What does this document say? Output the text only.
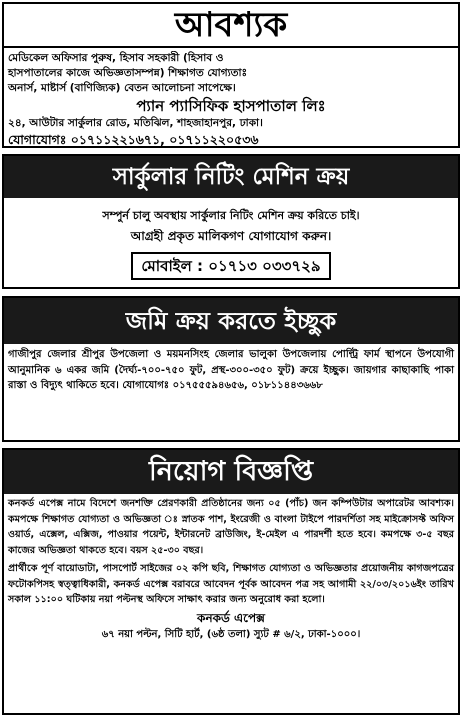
আবশ্যক
মেডিকেল অফিসার পুরুষ, হিসাব সহকারী (হিসাব ও
হাসপাতালের কাজে অভিজ্ঞতাসম্পন্ন) শিক্ষাগত যোগ্যতাঃ
অনার্স, মাষ্টার্স (বাণিজ্যিক) বেতন আলোচনা সাপেক্ষে।
প্যান প্যাসিফিক হাসপাতাল লিঃ
২৪, আউটার সার্কুলার রোড, মতিঝিল, শাহজাহানপুর, ঢাকা।
যোগাযোগঃ ০১৭১১২২১৬৭১, ০১৭১১২২০৫৩৬
সার্কুলার নিটিং মেশিন ক্রয়
সম্পুর্ন চালু অবস্থায় সার্কুলার নিটিং মেশিন ক্রয় করিতে চাই।
আগ্রহী প্রকৃত মালিকগণ যোগাযোগ করুন।
মোবাইল : ০১৭১৩ ০৩৩৭২৯
জমি ক্রয় করতে ইচ্ছুক
গাজীপুর জেলার শ্রীপুর উপজেলা ও ময়মনসিংহ জেলার ভালুকা উপজেলায় পোল্ট্রি ফার্ম স্থাপনে উপযোগী আনুমানিক ৬ একর জমি (দৈর্ঘ্য-৭০০-৭৫০ ফুট, প্রস্থ-৩০০-৩৫০ ফুট) ক্রয়ে ইচ্ছুক। জায়গার কাছাকাছি পাকা রাস্তা ও বিদ্যুৎ থাকিতে হবে। যোগাযোগঃ ০১৭৫৫৫৯৪৬৫৬, ০১৮১১৪৪৩৬৬৮
নিয়োগ বিজ্ঞপ্তি
কনকর্ড এপেক্স নামে বিদেশে জনশক্তি প্রেরণকারী প্রতিষ্ঠানের জন্য ০৫ (পাঁচ) জন কম্পিউটার অপারেটর আবশ্যক। কমপক্ষে শিক্ষাগত যোগ্যতা ও অভিজ্ঞতা ঃ স্নাতক পাশ, ইংরেজী ও বাংলা টাইপে পারদর্শিতা সহ মাইক্রোসফ্ট অফিস ওয়ার্ড, এক্সেল, এক্সিজ, পাওয়ার পয়েন্ট, ইন্টারনেট ব্রাউজিং, ই-মেইল এ পারদর্শী হতে হবে। কমপক্ষে ৩-৫ বছর কাজের অভিজ্ঞতা থাকতে হবে। বয়স ২৫-৩০ বছর।
প্রার্থীকে পূর্ণ বায়োডাটা, পাসপোর্ট সাইজের ০২ কপি ছবি, শিক্ষাগত যোগ্যতা ও অভিজ্ঞতার প্রয়োজনীয় কাগজপত্রের ফটোকপিসহ স্বত্ত্বাধিকারী, কনকর্ড এপেক্স বরাবরে আবেদন পূর্বক আবেদন পত্র সহ আগামী ২২/০৩/২০১৬ইং তারিখ সকাল ১১:০০ ঘটিকায় নয়া পল্টনস্থ অফিসে সাক্ষাৎ করার জন্য অনুরোধ করা হলো।
কনকর্ড এপেক্স
৬৭ নয়া পল্টন, সিটি হার্ট, (৬ষ্ঠ তলা) স্যুট # ৬/২, ঢাকা-১০০০।
